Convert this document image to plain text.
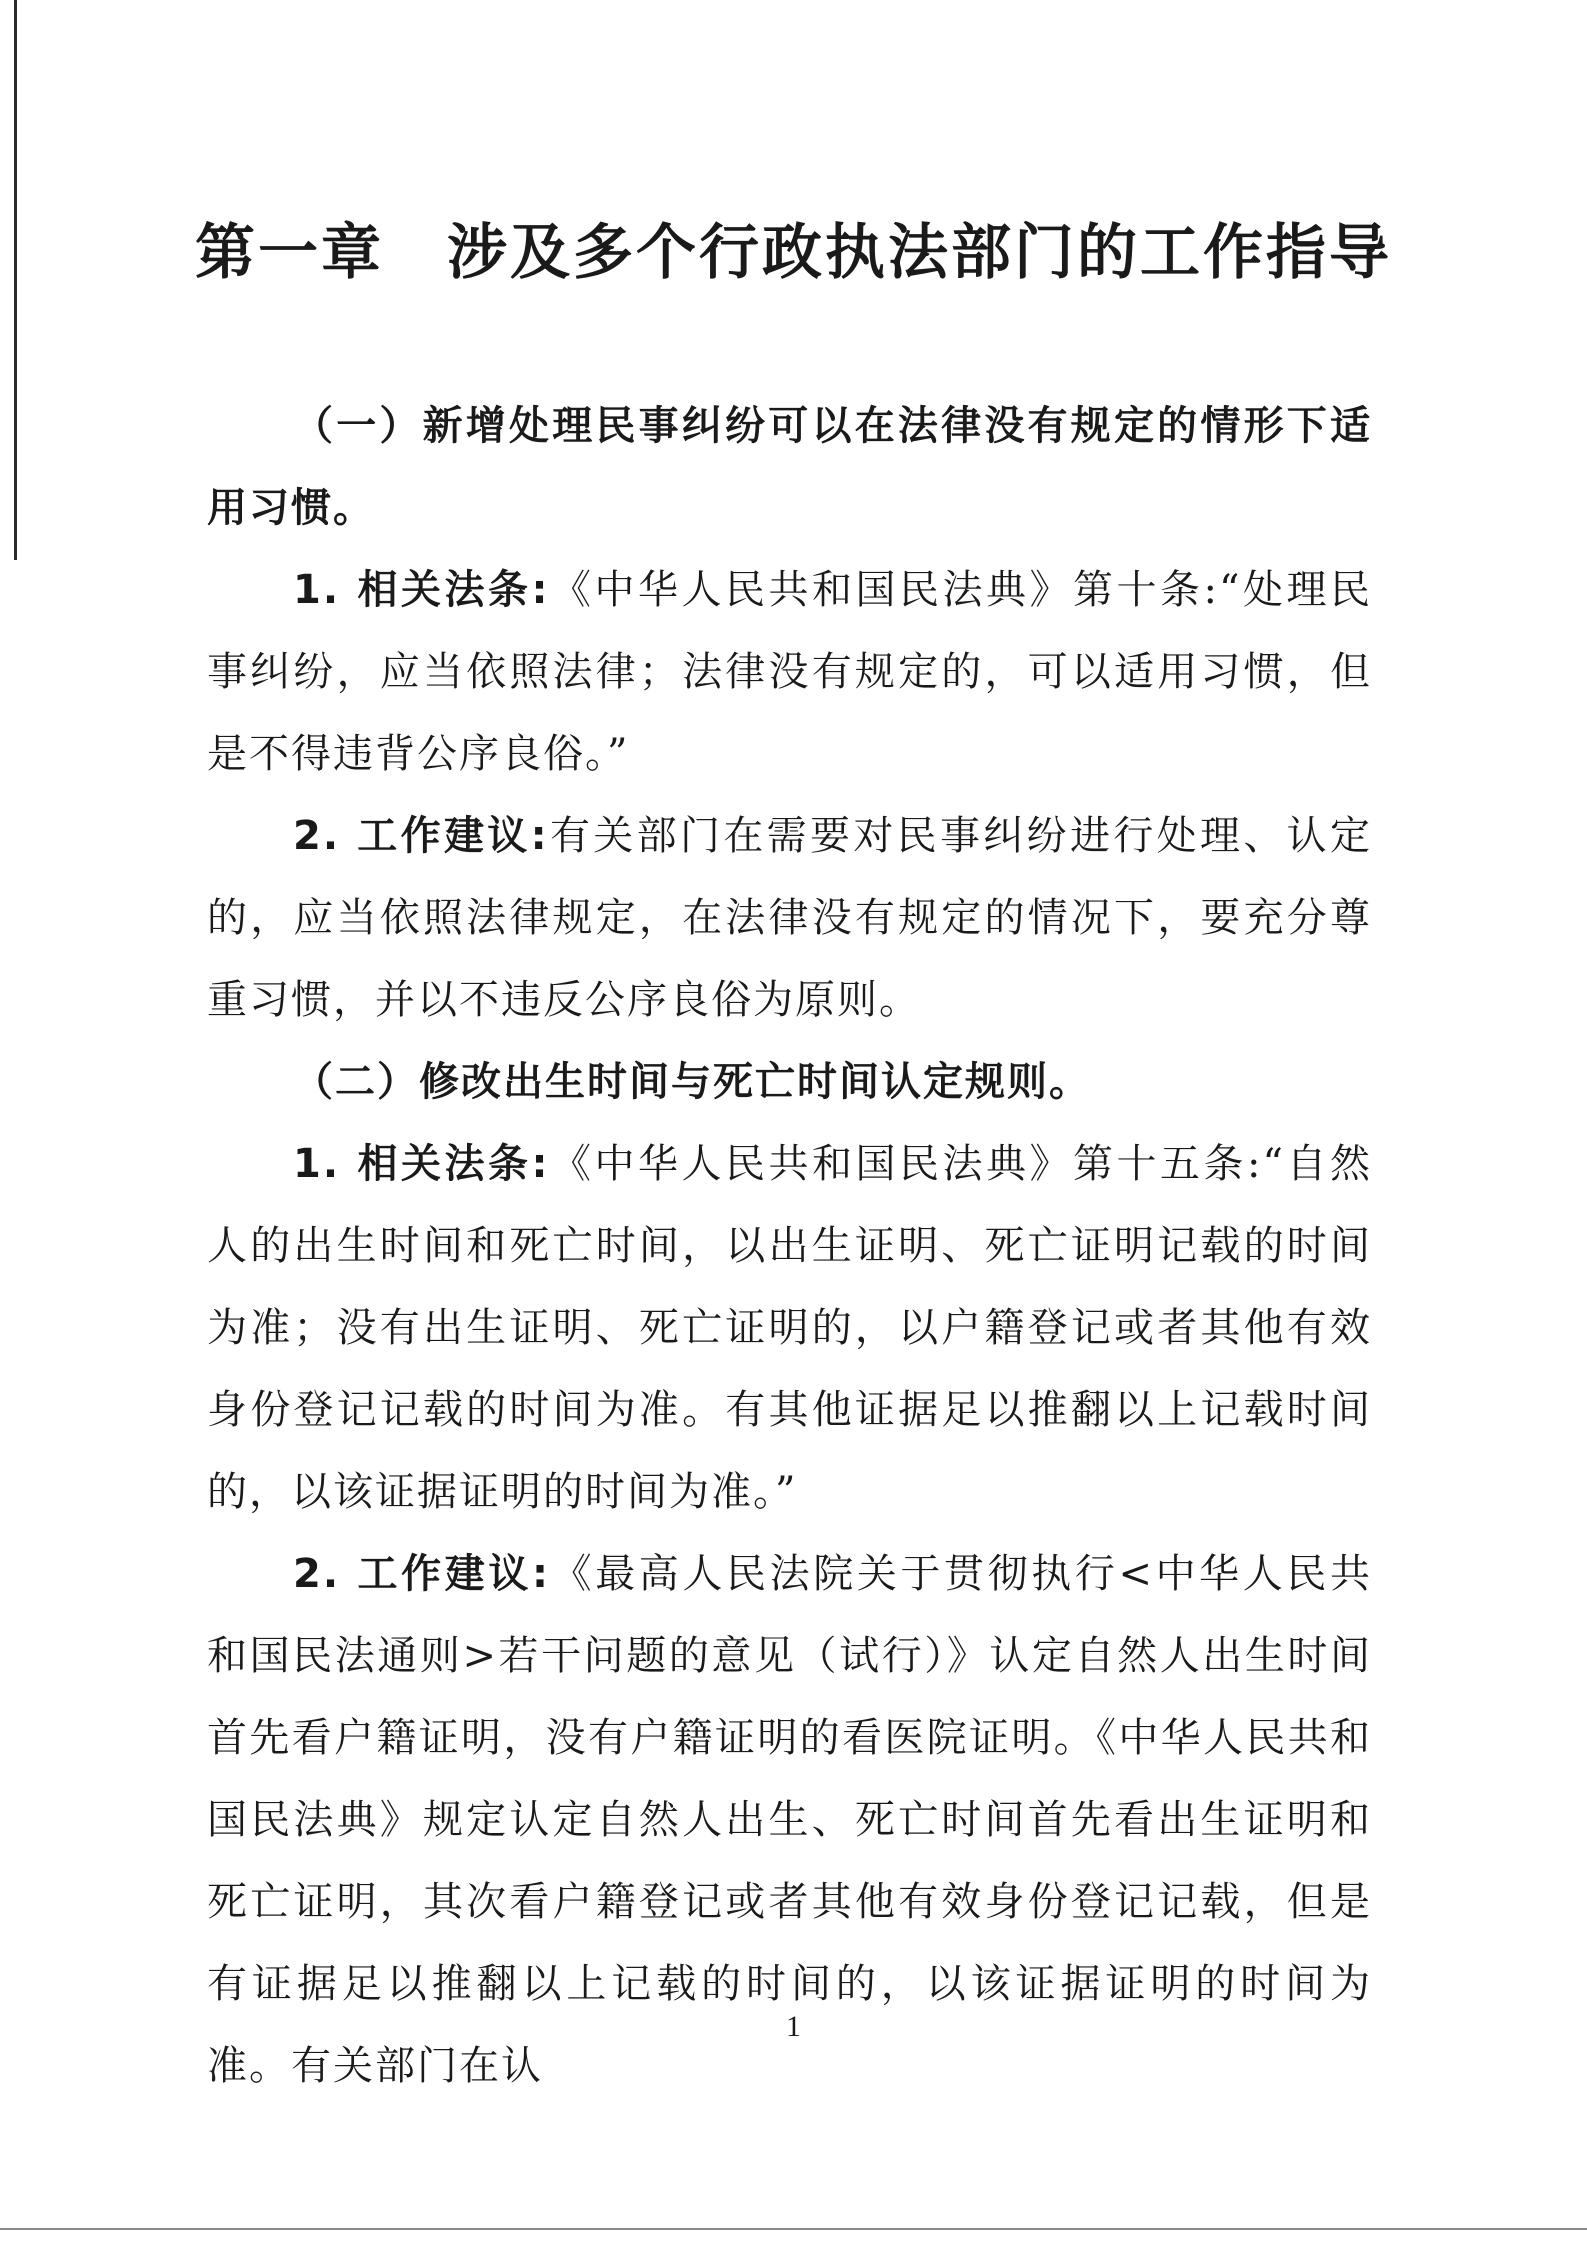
第一章　涉及多个行政执法部门的工作指导

（一）新增处理民事纠纷可以在法律没有规定的情形下适用习惯。

1. 相关法条:《中华人民共和国民法典》第十条:“处理民事纠纷，应当依照法律；法律没有规定的，可以适用习惯，但是不得违背公序良俗。”

2. 工作建议:有关部门在需要对民事纠纷进行处理、认定的，应当依照法律规定，在法律没有规定的情况下，要充分尊重习惯，并以不违反公序良俗为原则。

（二）修改出生时间与死亡时间认定规则。

1. 相关法条:《中华人民共和国民法典》第十五条:“自然人的出生时间和死亡时间，以出生证明、死亡证明记载的时间为准；没有出生证明、死亡证明的，以户籍登记或者其他有效身份登记记载的时间为准。有其他证据足以推翻以上记载时间的，以该证据证明的时间为准。”

2. 工作建议:《最高人民法院关于贯彻执行<中华人民共和国民法通则>若干问题的意见（试行）》认定自然人出生时间首先看户籍证明，没有户籍证明的看医院证明。《中华人民共和国民法典》规定认定自然人出生、死亡时间首先看出生证明和死亡证明，其次看户籍登记或者其他有效身份登记记载，但是有证据足以推翻以上记载的时间的，以该证据证明的时间为准。有关部门在认

1
